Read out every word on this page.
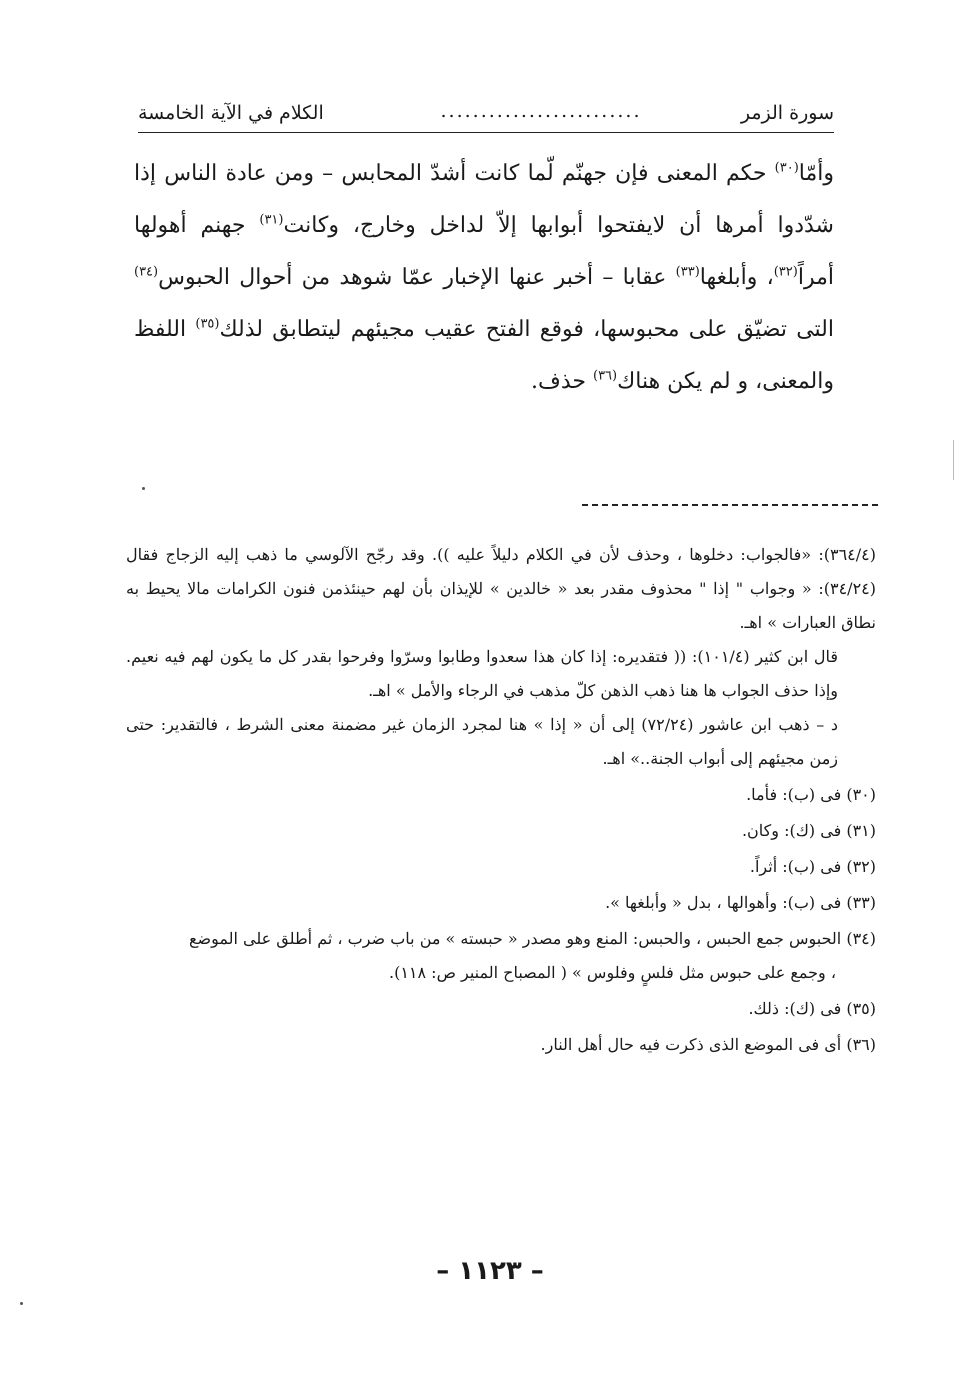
سورة الزمر
.........................
الكلام في الآية الخامسة

وأمّا$^{(٣٠)}$ حكم المعنى فإن جهنّم لّما كانت أشدّ المحابس – ومن عادة الناس إذا شدّدوا أمرها أن لايفتحوا أبوابها إلاّ لداخل وخارج، وكانت$^{(٣١)}$ جهنم أهولها أمراً$^{(٣٢)}$، وأبلغها$^{(٣٣)}$ عقابا – أخبر عنها الإخبار عمّا شوهد من أحوال الحبوس$^{(٣٤)}$ التى تضيّق على محبوسها، فوقع الفتح عقيب مجيئهم ليتطابق لذلك$^{(٣٥)}$ اللفظ والمعنى، و لم يكن هناك$^{(٣٦)}$ حذف.

(٣٦٤/٤): «فالجواب: دخلوها ، وحذف لأن في الكلام دليلاً عليه )). وقد رجّح الآلوسي ما ذهب إليه الزجاج فقال (٣٤/٢٤): « وجواب " إذا " محذوف مقدر بعد « خالدين » للإيذان بأن لهم حينئذمن فنون الكرامات مالا يحيط به نطاق العبارات » اهـ.

قال ابن كثير (١٠١/٤): (( فتقديره: إذا كان هذا سعدوا وطابوا وسرّوا وفرحوا بقدر كل ما يكون لهم فيه نعيم. وإذا حذف الجواب ها هنا ذهب الذهن كلّ مذهب في الرجاء والأمل » اهـ.

د – ذهب ابن عاشور (٧٢/٢٤) إلى أن « إذا » هنا لمجرد الزمان غير مضمنة معنى الشرط ، فالتقدير: حتى زمن مجيئهم إلى أبواب الجنة..» اهـ.

(٣٠) فى (ب): فأما.

(٣١) فى (ك): وكان.

(٣٢) فى (ب): أثراً.

(٣٣) فى (ب): وأهوالها ، بدل « وأبلغها ».

(٣٤) الحبوس جمع الحبس ، والحبس: المنع وهو مصدر « حبسته » من باب ضرب ، ثم أطلق على الموضع

، وجمع على حبوس مثل فلسٍ وفلوس » ( المصباح المنير ص: ١١٨).

(٣٥) فى (ك): ذلك.

(٣٦) أى فى الموضع الذى ذكرت فيه حال أهل النار.

– ١١٢٣ –
